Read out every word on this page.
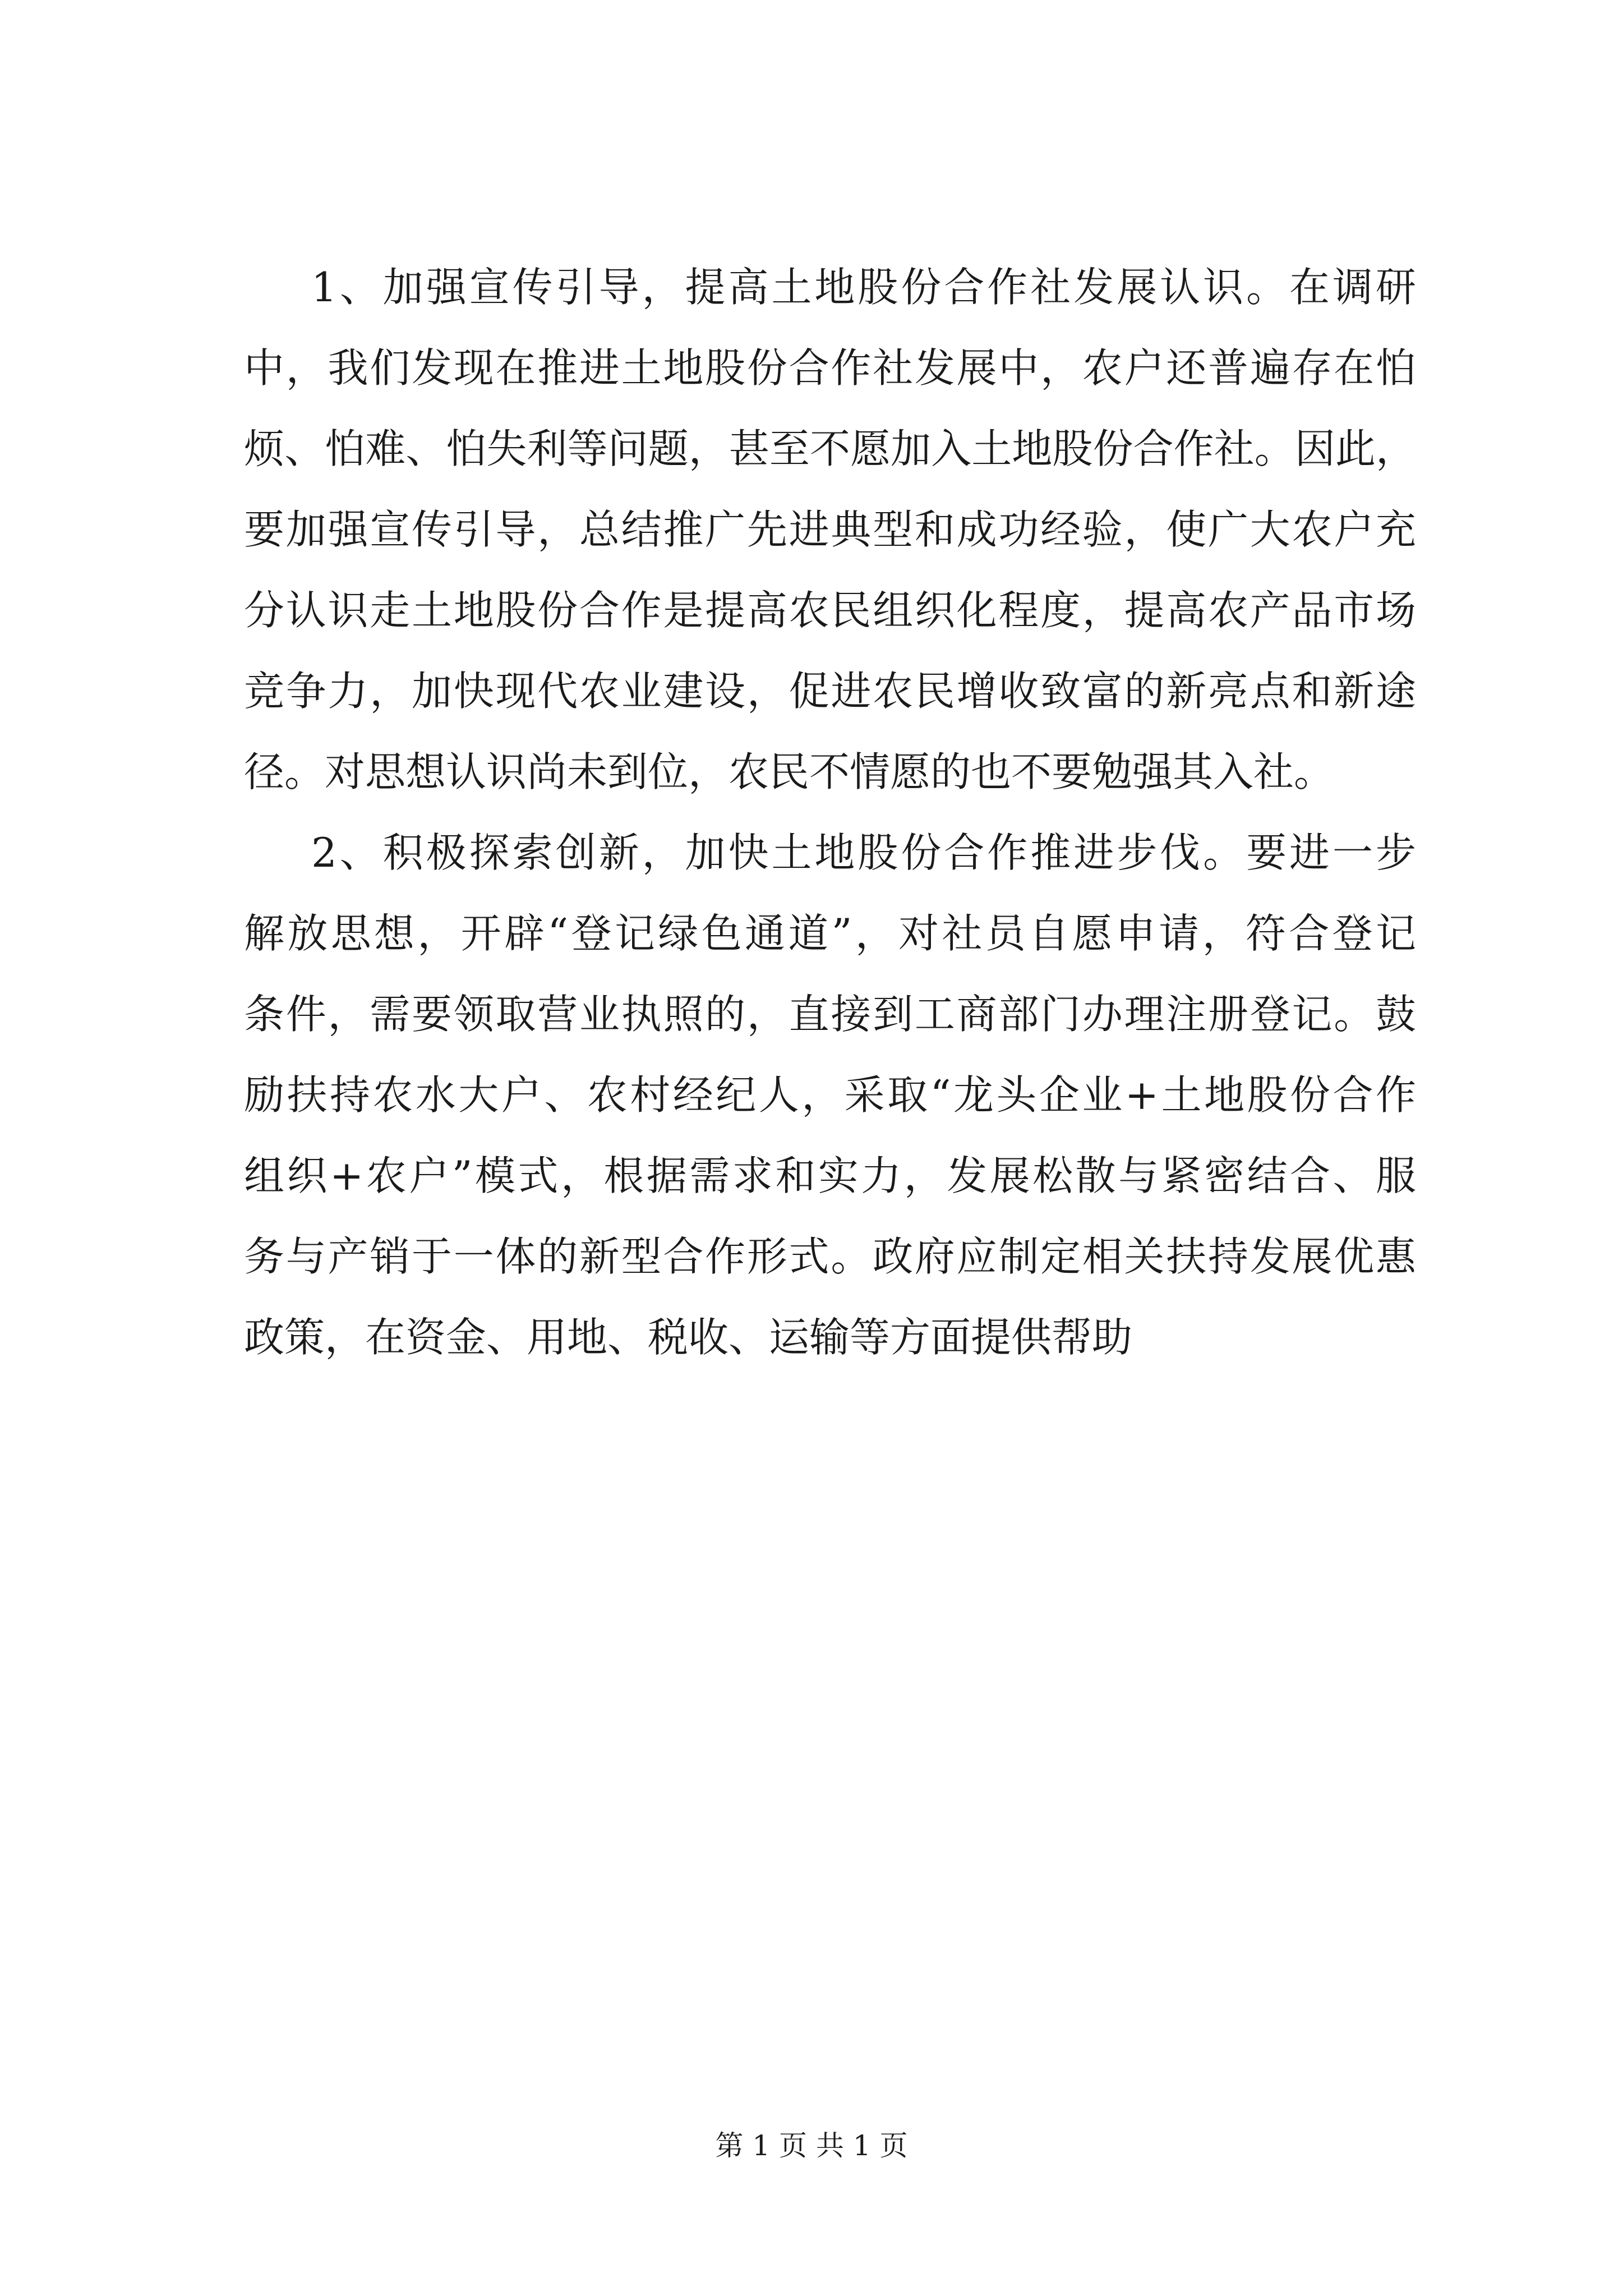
1、加强宣传引导，提高土地股份合作社发展认识。在调研
中，我们发现在推进土地股份合作社发展中，农户还普遍存在怕
烦、怕难、怕失利等问题，甚至不愿加入土地股份合作社。因此，
要加强宣传引导，总结推广先进典型和成功经验，使广大农户充
分认识走土地股份合作是提高农民组织化程度，提高农产品市场
竞争力，加快现代农业建设，促进农民增收致富的新亮点和新途
径。对思想认识尚未到位，农民不情愿的也不要勉强其入社。
2、积极探索创新，加快土地股份合作推进步伐。要进一步
解放思想，开辟“登记绿色通道”，对社员自愿申请，符合登记
条件，需要领取营业执照的，直接到工商部门办理注册登记。鼓
励扶持农水大户、农村经纪人，采取“龙头企业+土地股份合作
组织+农户”模式，根据需求和实力，发展松散与紧密结合、服
务与产销于一体的新型合作形式。政府应制定相关扶持发展优惠
政策，在资金、用地、税收、运输等方面提供帮助
第 1 页 共 1 页
